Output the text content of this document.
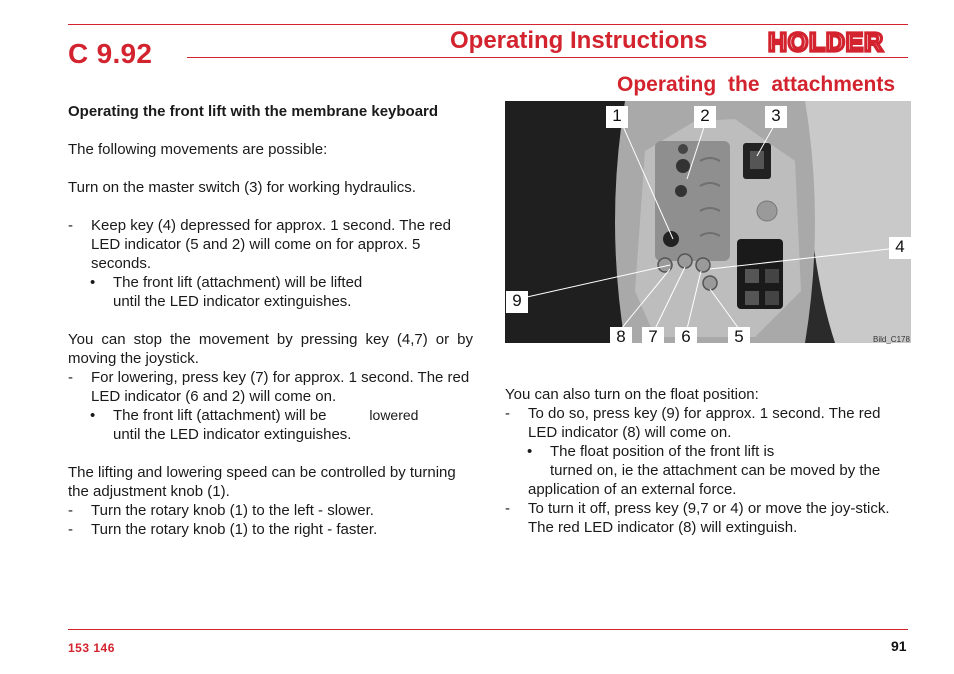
C 9.92	Operating Instructions HOLDER
Operating the attachments

Operating the front lift with the membrane keyboard

The following movements are possible:

Turn on the master switch (3) for working hydraulics.

- Keep key (4) depressed for approx. 1 second. The red LED indicator (5 and 2) will come on for approx. 5 seconds.

• The front lift (attachment) will be lifted

until the LED indicator extinguishes.

You can stop the movement by pressing key (4,7) or by moving the joystick.

- For lowering, press key (7) for approx. 1 second. The red LED indicator (6 and 2) will come on.

• The front lift (attachment) will be	lowered

until the LED indicator extinguishes.

The lifting and lowering speed can be controlled by turning the adjustment knob (1).

- Turn the rotary knob (1) to the left - slower.

- Turn the rotary knob (1) to the right - faster.

1	2	3
4
9
8	7	6	5	Bild_C178

You can also turn on the float position:

- To do so, press key (9) for approx. 1 second. The red LED indicator (8) will come on.

• The float position of the front lift is

turned on, ie the attachment can be moved by the

application of an external force.

- To turn it off, press key (9,7 or 4) or move the joy-stick. The red LED indicator (8) will extinguish.

153 146	91
